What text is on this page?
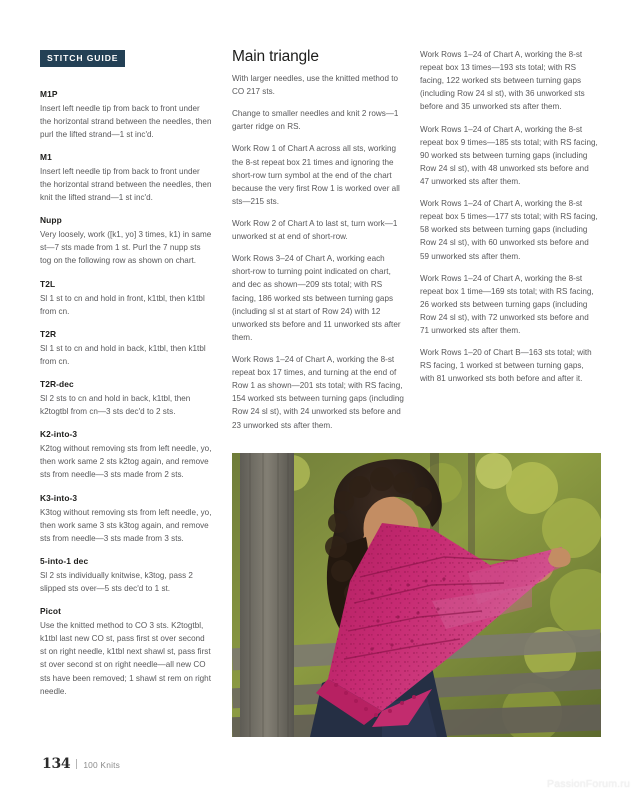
STITCH GUIDE
M1P

Insert left needle tip from back to front under the horizontal strand between the needles, then purl the lifted strand—1 st inc'd.

M1

Insert left needle tip from back to front under the horizontal strand between the needles, then knit the lifted strand—1 st inc'd.

Nupp

Very loosely, work ([k1, yo] 3 times, k1) in same st—7 sts made from 1 st. Purl the 7 nupp sts tog on the following row as shown on chart.

T2L

Sl 1 st to cn and hold in front, k1tbl, then k1tbl from cn.

T2R

Sl 1 st to cn and hold in back, k1tbl, then k1tbl from cn.

T2R-dec

Sl 2 sts to cn and hold in back, k1tbl, then k2togtbl from cn—3 sts dec'd to 2 sts.

K2-into-3

K2tog without removing sts from left needle, yo, then work same 2 sts k2tog again, and remove sts from needle—3 sts made from 2 sts.

K3-into-3

K3tog without removing sts from left needle, yo, then work same 3 sts k3tog again, and remove sts from needle—3 sts made from 3 sts.

5-into-1 dec

Sl 2 sts individually knitwise, k3tog, pass 2 slipped sts over—5 sts dec'd to 1 st.

Picot

Use the knitted method to CO 3 sts. K2togtbl, k1tbl last new CO st, pass first st over second st on right needle, k1tbl next shawl st, pass first st over second st on right needle—all new CO sts have been removed; 1 shawl st rem on right needle.

Main triangle

With larger needles, use the knitted method to CO 217 sts.

Change to smaller needles and knit 2 rows—1 garter ridge on RS.

Work Row 1 of Chart A across all sts, working the 8-st repeat box 21 times and ignoring the short-row turn symbol at the end of the chart because the very first Row 1 is worked over all sts—215 sts.

Work Row 2 of Chart A to last st, turn work—1 unworked st at end of short-row.

Work Rows 3–24 of Chart A, working each short-row to turning point indicated on chart, and dec as shown—209 sts total; with RS facing, 186 worked sts between turning gaps (including sl st at start of Row 24) with 12 unworked sts before and 11 unworked sts after them.

Work Rows 1–24 of Chart A, working the 8-st repeat box 17 times, and turning at the end of Row 1 as shown—201 sts total; with RS facing, 154 worked sts between turning gaps (including Row 24 sl st), with 24 unworked sts before and 23 unworked sts after them.

Work Rows 1–24 of Chart A, working the 8-st repeat box 13 times—193 sts total; with RS facing, 122 worked sts between turning gaps (including Row 24 sl st), with 36 unworked sts before and 35 unworked sts after them.

Work Rows 1–24 of Chart A, working the 8-st repeat box 9 times—185 sts total; with RS facing, 90 worked sts between turning gaps (including Row 24 sl st), with 48 unworked sts before and 47 unworked sts after them.

Work Rows 1–24 of Chart A, working the 8-st repeat box 5 times—177 sts total; with RS facing, 58 worked sts between turning gaps (including Row 24 sl st), with 60 unworked sts before and 59 unworked sts after them.

Work Rows 1–24 of Chart A, working the 8-st repeat box 1 time—169 sts total; with RS facing, 26 worked sts between turning gaps (including Row 24 sl st), with 72 unworked sts before and 71 unworked sts after them.

Work Rows 1–20 of Chart B—163 sts total; with RS facing, 1 worked st between turning gaps, with 81 unworked sts both before and after it.

134 100 Knits
PassionForum.ru
